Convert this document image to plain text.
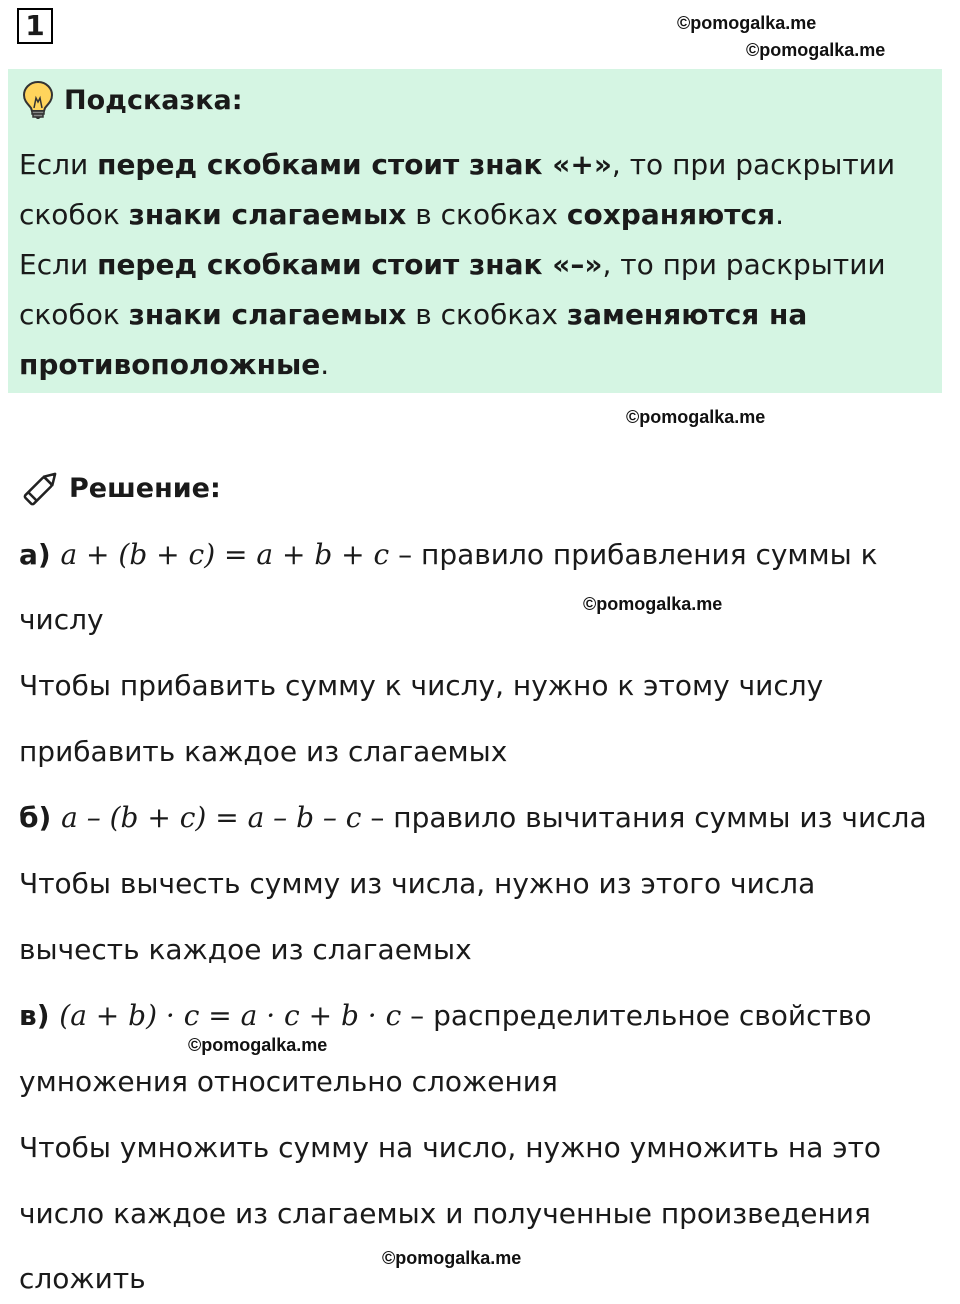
1	©pomogalka.me
©pomogalka.me
Подсказка:
Если перед скобками стоит знак «+», то при раскрытии
скобок знаки слагаемых в скобках сохраняются.
Если перед скобками стоит знак «–», то при раскрытии
скобок знаки слагаемых в скобках заменяются на
противоположные.
©pomogalka.me
Решение:
а) a + (b + c) = a + b + c – правило прибавления суммы к
числу
Чтобы прибавить сумму к числу, нужно к этому числу
прибавить каждое из слагаемых
б) a – (b + c) = a – b – c – правило вычитания суммы из числа
Чтобы вычесть сумму из числа, нужно из этого числа
вычесть каждое из слагаемых
в) (a + b) · c = a · c + b · c – распределительное свойство
умножения относительно сложения
Чтобы умножить сумму на число, нужно умножить на это
число каждое из слагаемых и полученные произведения
сложить
©pomogalka.me
©pomogalka.me
©pomogalka.me
